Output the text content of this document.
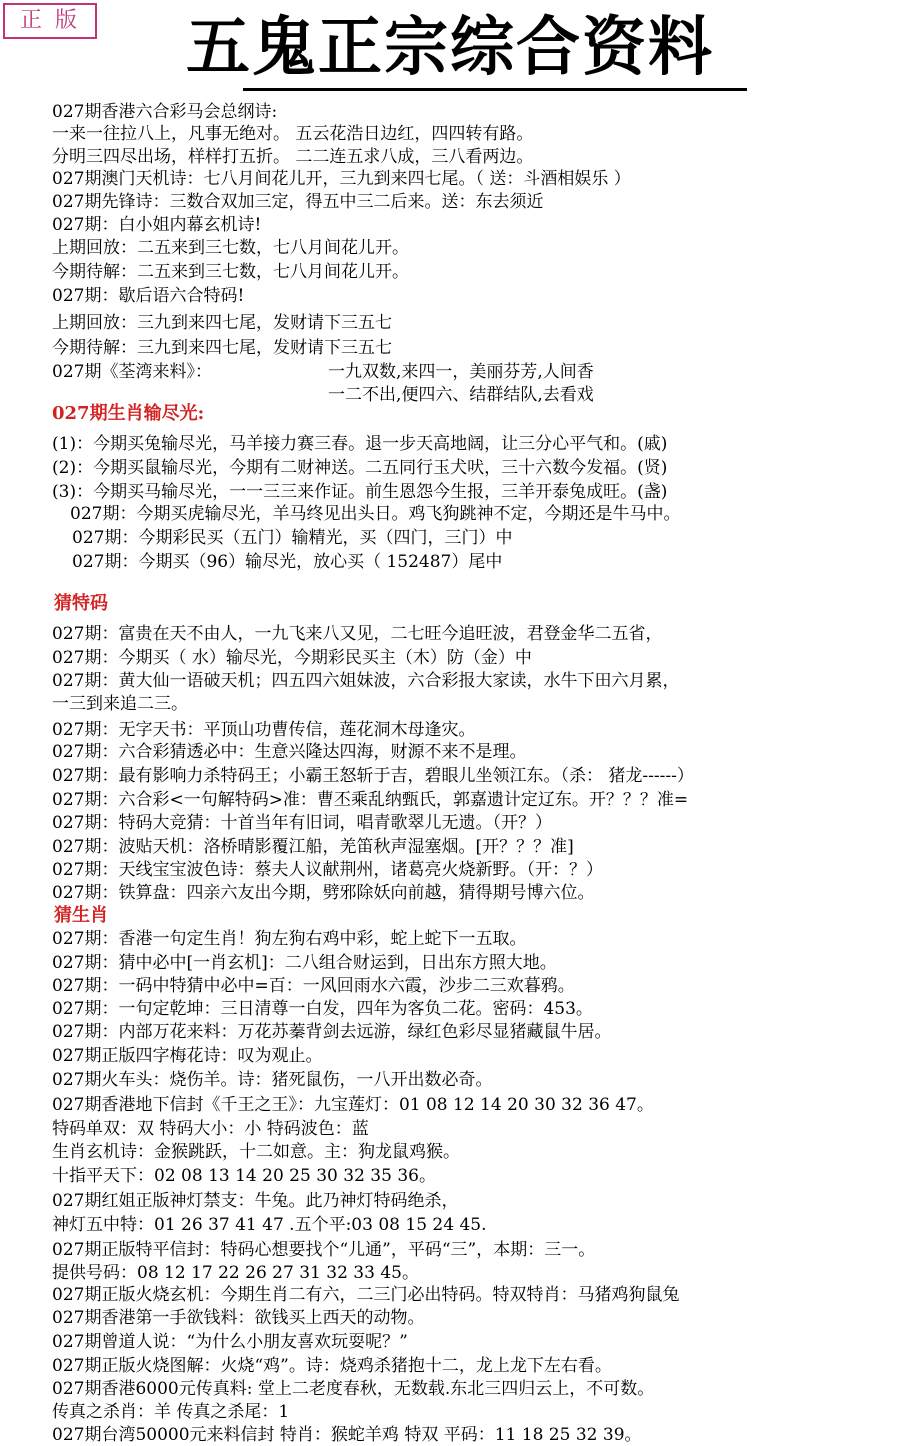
正 版	五鬼正宗综合资料
027期香港六合彩马会总纲诗:
一来一往拉八上，凡事无绝对。 五云花浩日边红，四四转有路。
分明三四尽出场，样样打五折。 二二连五求八成，三八看两边。
027期澳门天机诗：七八月间花儿开，三九到来四七尾。（ 送：斗酒相娱乐 ）
027期先锋诗：三数合双加三定，得五中三二后来。送：东去须近
027期：白小姐内幕玄机诗!
上期回放：二五来到三七数，七八月间花儿开。
今期待解：二五来到三七数，七八月间花儿开。
027期：歇后语六合特码!
上期回放：三九到来四七尾，发财请下三五七
今期待解：三九到来四七尾，发财请下三五七
027期《荃湾来料》：
(1)：今期买兔输尽光，马羊接力赛三春。退一步天高地阔，让三分心平气和。(戚)
(2)：今期买鼠输尽光，今期有二财神送。二五同行玉犬吠，三十六数今发福。(贤)
(3)：今期买马输尽光，一一三三来作证。前生恩怨今生报，三羊开泰兔成旺。(盏)
027期：今期买虎输尽光，羊马终见出头日。鸡飞狗跳神不定，今期还是牛马中。
027期：今期彩民买（五门）输精光，买（四门，三门）中
027期：今期买（96）输尽光，放心买（ 152487）尾中
027期：富贵在天不由人，一九飞来八又见，二七旺今追旺波，君登金华二五省，
027期：今期买（ 水）输尽光，今期彩民买主（木）防（金）中
027期：黄大仙一语破天机；四五四六姐妹波，六合彩报大家读，水牛下田六月累，
一三到来追二三。
027期：无字天书：平顶山功曹传信，莲花洞木母逢灾。
027期：六合彩猜透必中：生意兴隆达四海，财源不来不是理。
027期：最有影响力杀特码王；小霸王怒斩于吉，碧眼儿坐领江东。（杀： 猪龙------）
027期：六合彩<一句解特码>准：曹丕乘乱纳甄氏，郭嘉遗计定辽东。开？？？准=
027期：特码大竞猜：十首当年有旧词，唱青歌翠儿无遗。（开？）
027期：波贴天机：洛桥晴影覆江船，羌笛秋声湿塞烟。[开？？？准]
027期：天线宝宝波色诗：蔡夫人议献荆州，诸葛亮火烧新野。（开：？）
027期：铁算盘：四亲六友出今期，劈邪除妖向前越，猜得期号博六位。
027期：香港一句定生肖！狗左狗右鸡中彩，蛇上蛇下一五取。
027期：猜中必中[一肖玄机]：二八组合财运到，日出东方照大地。
027期：一码中特猜中必中=百：一风回雨水六霞，沙步二三欢暮鸦。
027期：一句定乾坤：三日清尊一白发，四年为客负二花。密码：453。
027期：内部万花来料：万花苏蓁背剑去远游，绿红色彩尽显猪藏鼠牛居。
027期正版四字梅花诗：叹为观止。
027期火车头：烧伤羊。诗：猪死鼠伤，一八开出数必奇。
027期香港地下信封《千王之王》：九宝莲灯：01 08 12 14 20 30 32 36 47。
特码单双：双 特码大小：小 特码波色：蓝
生肖玄机诗：金猴跳跃，十二如意。主：狗龙鼠鸡猴。
十指平天下：02 08 13 14 20 25 30 32 35 36。
027期红姐正版神灯禁支：牛兔。此乃神灯特码绝杀，
神灯五中特：01 26 37 41 47 .五个平:03 08 15 24 45.
027期正版特平信封：特码心想要找个“儿通”，平码“三”，本期：三一。
提供号码：08 12 17 22 26 27 31 32 33 45。
027期正版火烧玄机：今期生肖二有六，二三门必出特码。特双特肖：马猪鸡狗鼠兔
027期香港第一手欲钱料：欲钱买上西天的动物。
027期曾道人说：“为什么小朋友喜欢玩耍呢？”
027期正版火烧图解：火烧“鸡”。诗：烧鸡杀猪抱十二，龙上龙下左右看。
027期香港6000元传真料: 堂上二老度春秋，无数载.东北三四归云上，不可数。
传真之杀肖：羊 传真之杀尾：1
027期台湾50000元来料信封 特肖：猴蛇羊鸡 特双 平码：11 18 25 32 39。
027期生肖输尽光:
猜特码
猜生肖
一九双数,来四一，美丽芬芳,人间香
一二不出,便四六、结群结队,去看戏
